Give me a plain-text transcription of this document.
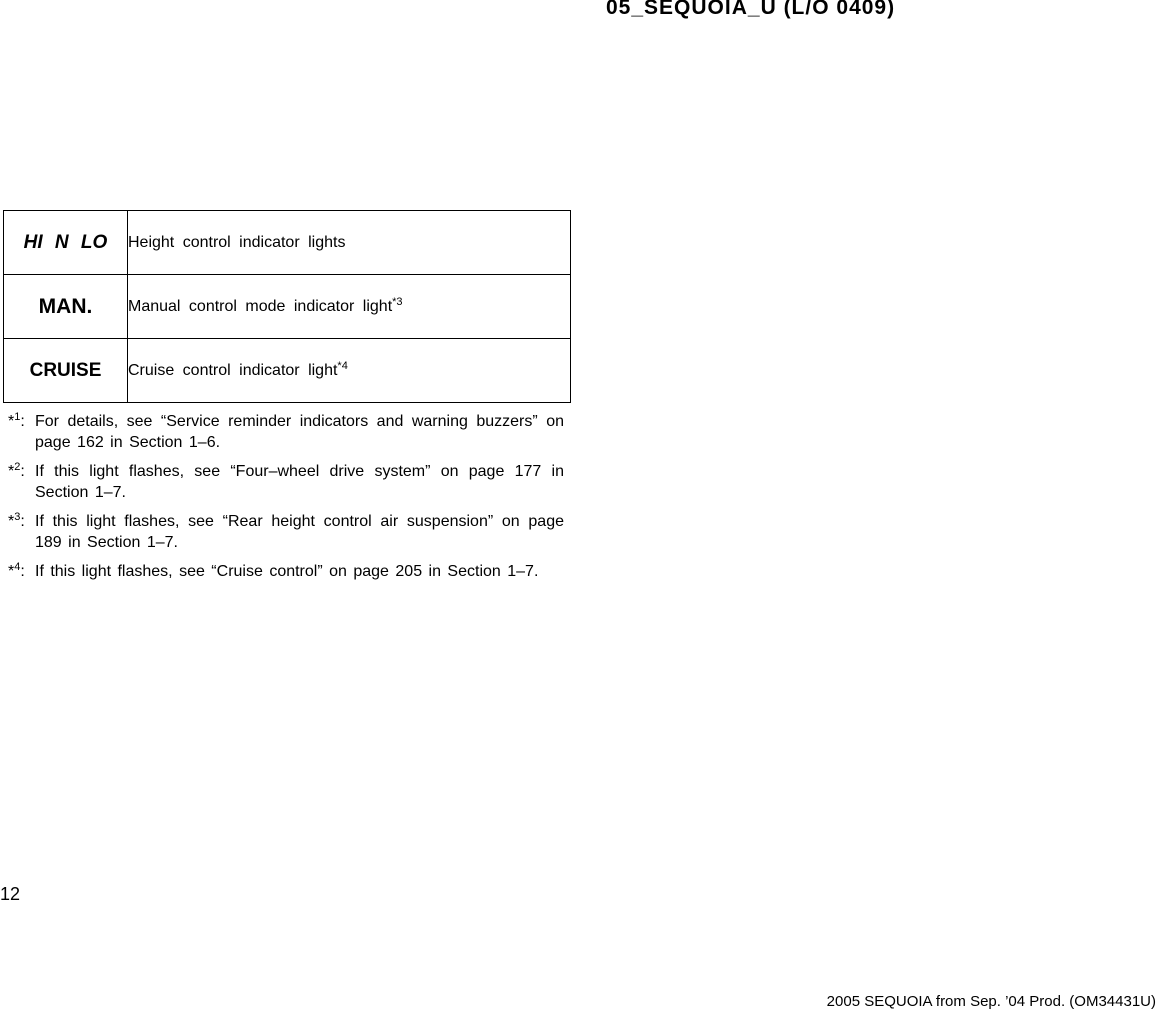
05_SEQUOIA_U (L/O 0409)
HI N LO	Height control indicator lights
MAN.	Manual control mode indicator light$^{*3}$
CRUISE	Cruise control indicator light$^{*4}$
*$^1$: For details, see “Service reminder indicators and warning buzzers” on page 162 in Section 1–6.
*$^2$: If this light flashes, see “Four–wheel drive system” on page 177 in Section 1–7.
*$^3$: If this light flashes, see “Rear height control air suspension” on page 189 in Section 1–7.
*$^4$: If this light flashes, see “Cruise control” on page 205 in Section 1–7.
12
2005 SEQUOIA from Sep. ’04 Prod. (OM34431U)
